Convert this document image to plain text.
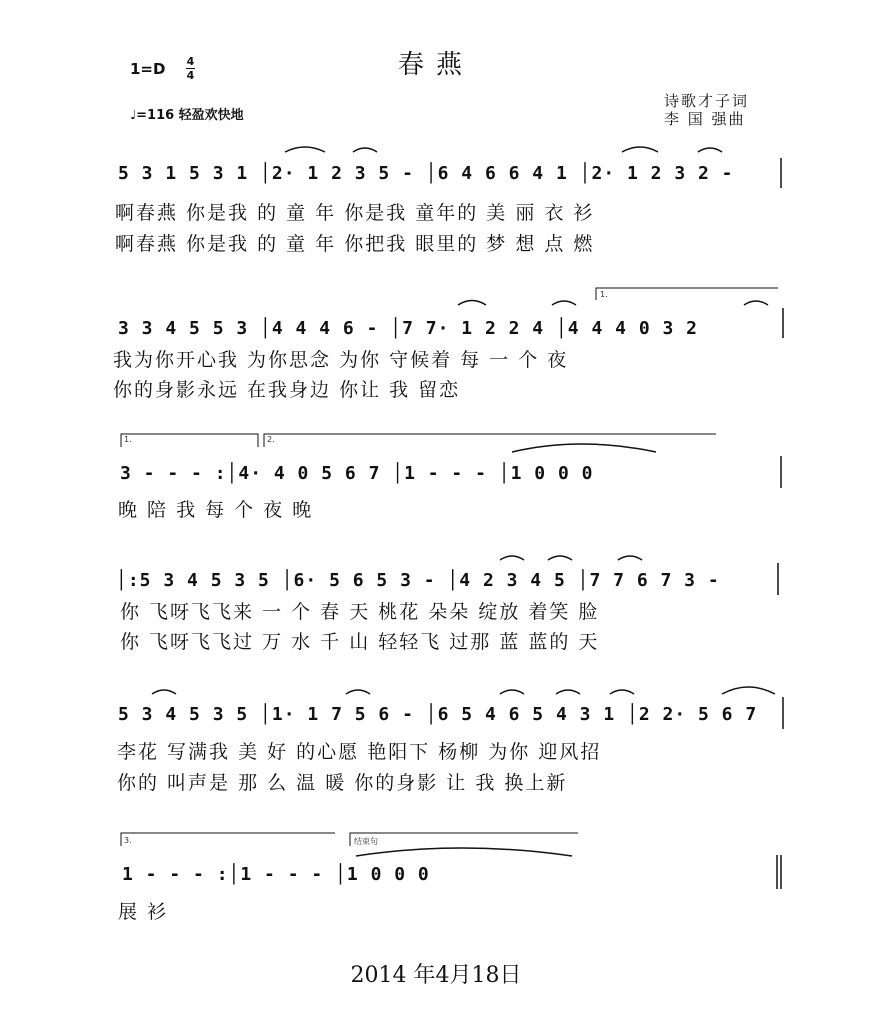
春燕
1=D 4
4
♩=116 轻盈欢快地
诗歌才子词
李 国 强曲
5 3 1 5 3 1 │2· 1 2 3 5 - │6 4 6 6 4 1 │2· 1 2 3 2 -
啊春燕 你是我 的 童 年 你是我 童年的 美 丽 衣 衫
啊春燕 你是我 的 童 年 你把我 眼里的 梦 想 点 燃
1.
3 3 4 5 5 3 │4 4 4 6 - │7 7· 1 2 2 4 │4 4 4 0 3 2
我为你开心我 为你思念 为你 守候着 每 一 个 夜
你的身影永远 在我身边 你让 我 留恋
1.	2.
3 - - - :│4· 4 0 5 6 7 │1 - - - │1 0 0 0
晚 陪 我 每 个 夜 晚
│:5 3 4 5 3 5 │6· 5 6 5 3 - │4 2 3 4 5 │7 7 6 7 3 -
你 飞呀飞飞来 一 个 春 天 桃花 朵朵 绽放 着笑 脸
你 飞呀飞飞过 万 水 千 山 轻轻飞 过那 蓝 蓝的 天
5 3 4 5 3 5 │1· 1 7 5 6 - │6 5 4 6 5 4 3 1 │2 2· 5 6 7
李花 写满我 美 好 的心愿 艳阳下 杨柳 为你 迎风招
你的 叫声是 那 么 温 暖 你的身影 让 我 换上新
3.	结束句
1 - - - :│1 - - - │1 0 0 0
展 衫
2014 年4月18日
